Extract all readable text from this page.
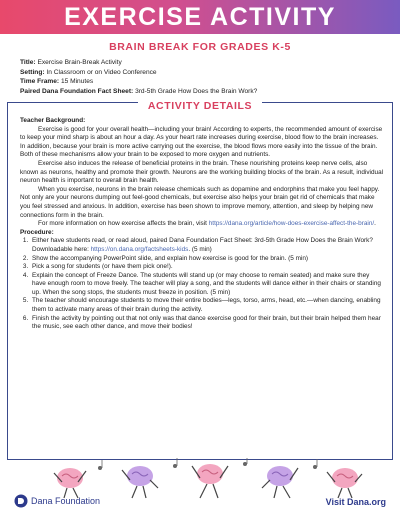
EXERCISE ACTIVITY
BRAIN BREAK FOR GRADES K-5
Title: Exercise Brain-Break Activity
Setting: In Classroom or on Video Conference
Time Frame: 15 Minutes
Paired Dana Foundation Fact Sheet: 3rd-5th Grade How Does the Brain Work?
ACTIVITY DETAILS

Teacher Background:

Exercise is good for your overall health—including your brain! According to experts, the recommended amount of exercise to keep your mind sharp is about an hour a day. As your heart rate increases during exercise, blood flow to the brain increases. In addition, because your brain is more active carrying out the exercise, the blood flows more easily into the tissue of the brain. Both of these mechanisms allow your brain to be exposed to more oxygen and nutrients.

Exercise also induces the release of beneficial proteins in the brain. These nourishing proteins keep nerve cells, also known as neurons, healthy and promote their growth. Neurons are the working building blocks of the brain. As a result, individual neuron health is important to overall brain health.

When you exercise, neurons in the brain release chemicals such as dopamine and endorphins that make you feel happy. Not only are your neurons dumping out feel-good chemicals, but exercise also helps your brain get rid of chemicals that make you feel stressed and anxious. In addition, exercise has been shown to improve memory, attention, and sleep by helping new connections form in the brain.

For more information on how exercise affects the brain, visit https://dana.org/article/how-does-exercise-affect-the-brain/.

Procedure:

1. Either have students read, or read aloud, paired Dana Foundation Fact Sheet: 3rd-5th Grade How Does the Brain Work? Downloadable here: https://on.dana.org/factsheets-kids. (5 min)
2. Show the accompanying PowerPoint slide, and explain how exercise is good for the brain. (5 min)
3. Pick a song for students (or have them pick one!).
4. Explain the concept of Freeze Dance. The students will stand up (or may choose to remain seated) and make sure they have enough room to move freely. The teacher will play a song, and the students will dance either in their chairs or standing up. When the song stops, the students must freeze in position. (5 min)
5. The teacher should encourage students to move their entire bodies—legs, torso, arms, head, etc.—when dancing, enabling them to activate many areas of their brain during the activity.
6. Finish the activity by pointing out that not only was that dance exercise good for their brain, but their brain helped them hear the music, see each other dance, and move their bodies!
Dana Foundation	Visit Dana.org
